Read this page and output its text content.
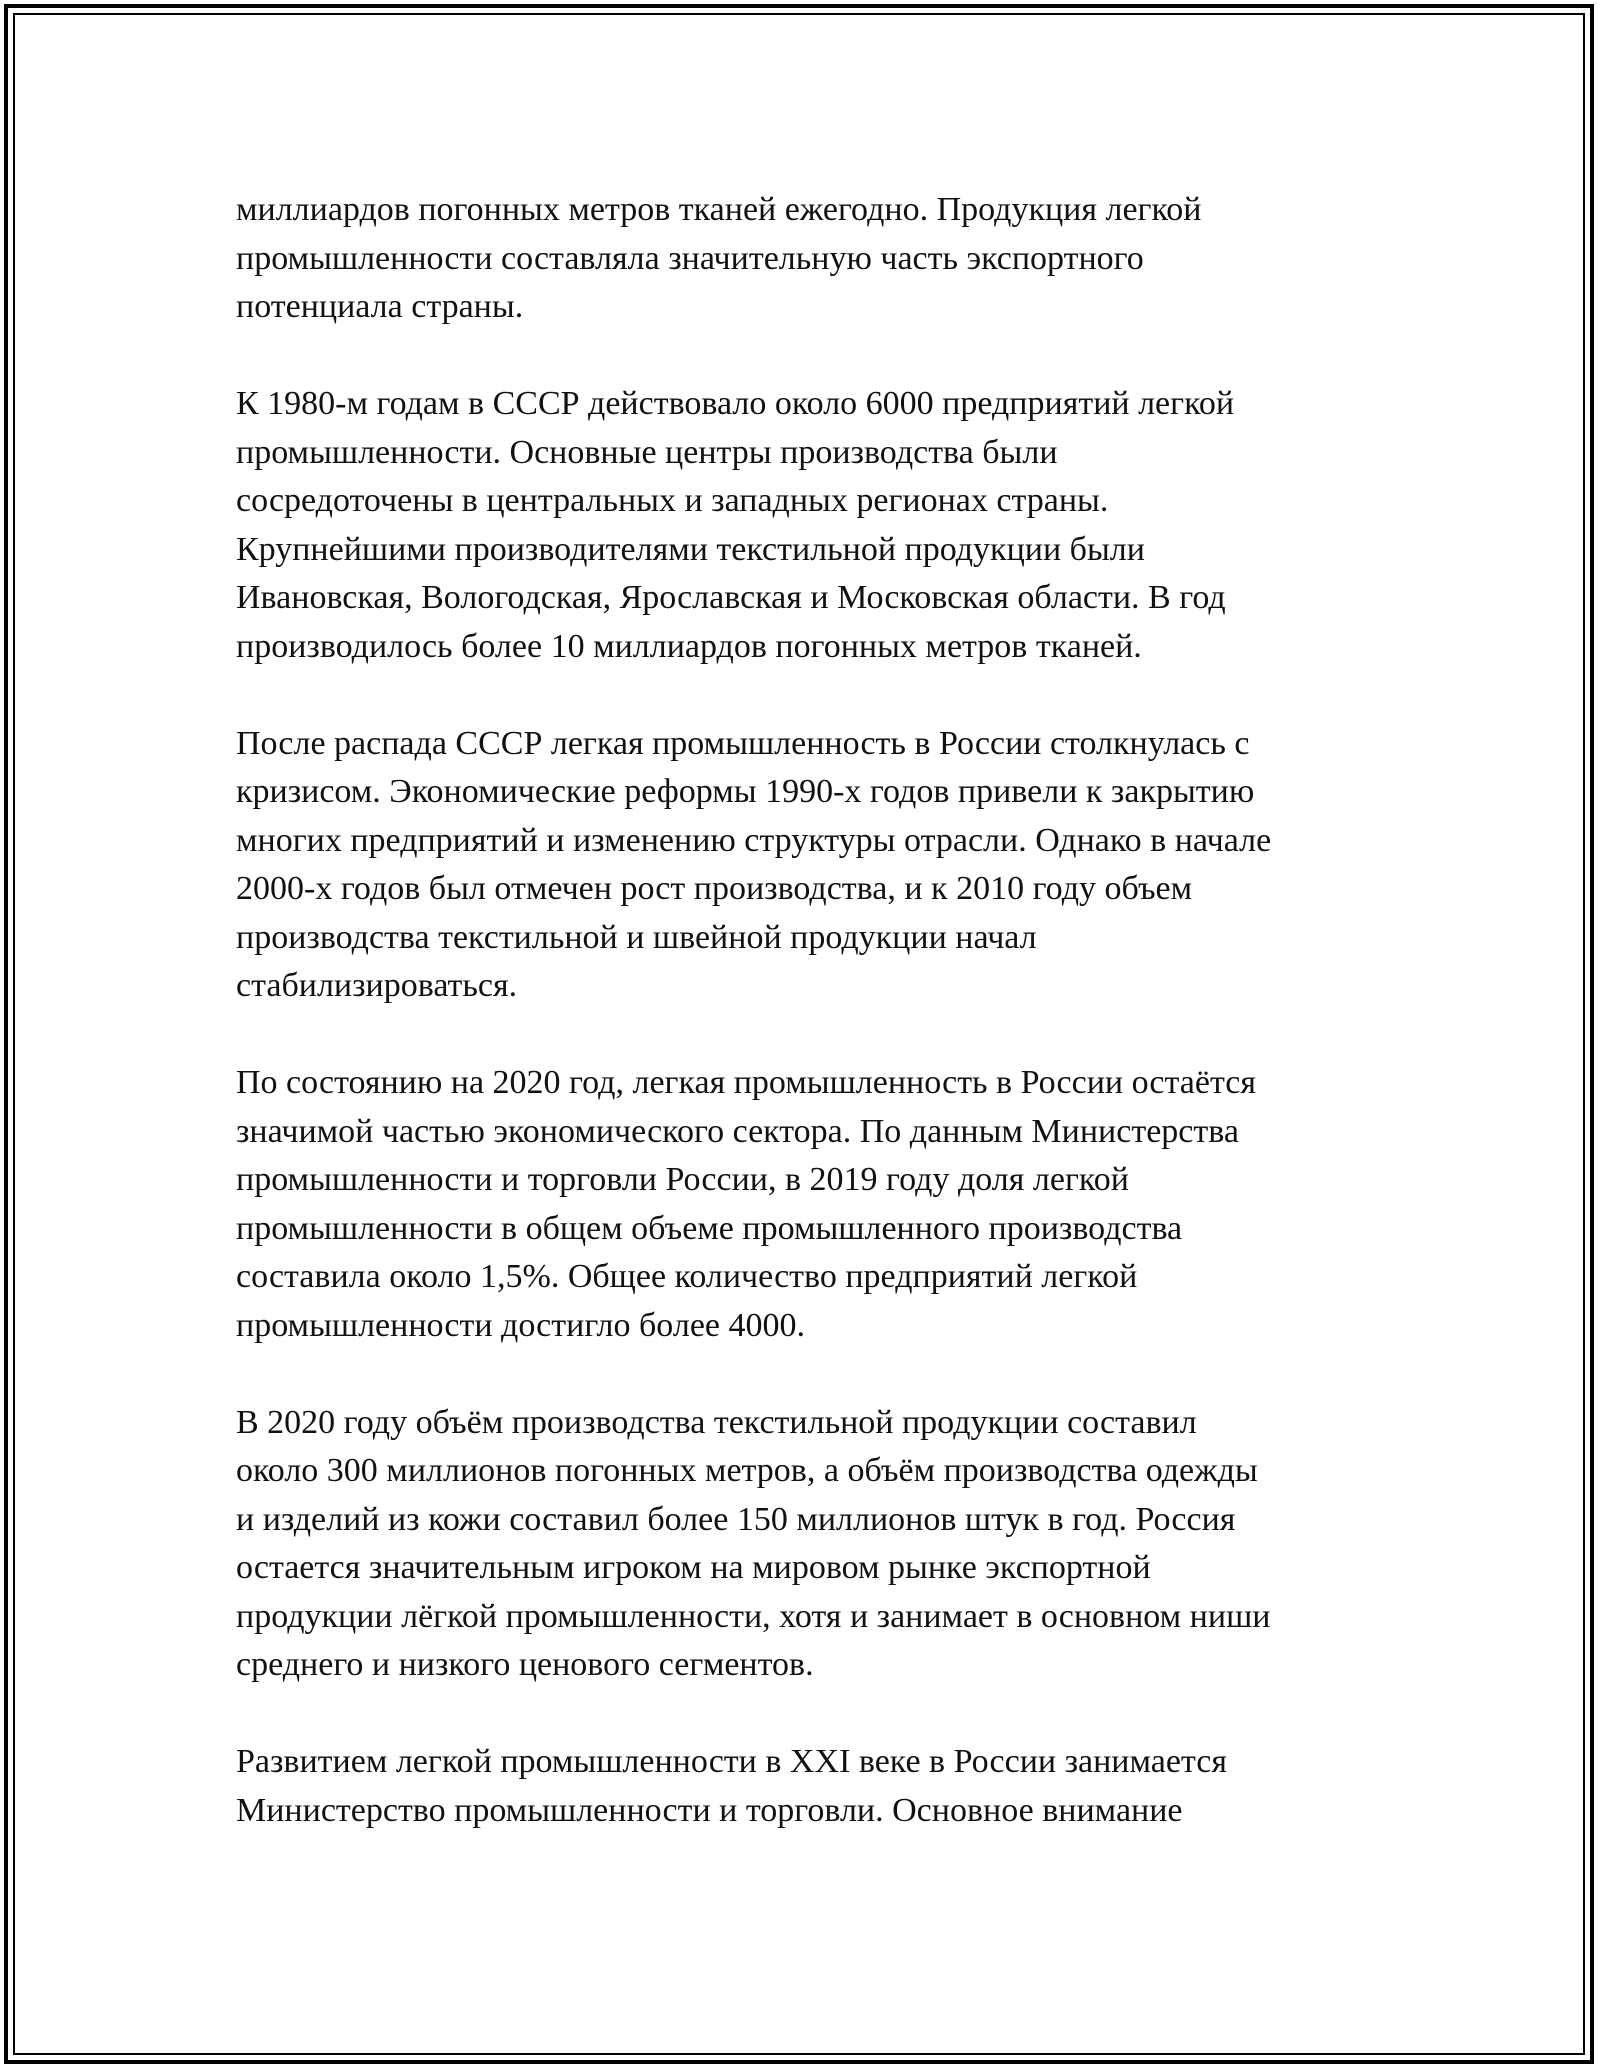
миллиардов погонных метров тканей ежегодно. Продукция легкой
промышленности составляла значительную часть экспортного
потенциала страны.

К 1980-м годам в СССР действовало около 6000 предприятий легкой
промышленности. Основные центры производства были
сосредоточены в центральных и западных регионах страны.
Крупнейшими производителями текстильной продукции были
Ивановская, Вологодская, Ярославская и Московская области. В год
производилось более 10 миллиардов погонных метров тканей.

После распада СССР легкая промышленность в России столкнулась с
кризисом. Экономические реформы 1990-х годов привели к закрытию
многих предприятий и изменению структуры отрасли. Однако в начале
2000-х годов был отмечен рост производства, и к 2010 году объем
производства текстильной и швейной продукции начал
стабилизироваться.

По состоянию на 2020 год, легкая промышленность в России остаётся
значимой частью экономического сектора. По данным Министерства
промышленности и торговли России, в 2019 году доля легкой
промышленности в общем объеме промышленного производства
составила около 1,5%. Общее количество предприятий легкой
промышленности достигло более 4000.

В 2020 году объём производства текстильной продукции составил
около 300 миллионов погонных метров, а объём производства одежды
и изделий из кожи составил более 150 миллионов штук в год. Россия
остается значительным игроком на мировом рынке экспортной
продукции лёгкой промышленности, хотя и занимает в основном ниши
среднего и низкого ценового сегментов.

Развитием легкой промышленности в XXI веке в России занимается
Министерство промышленности и торговли. Основное внимание
